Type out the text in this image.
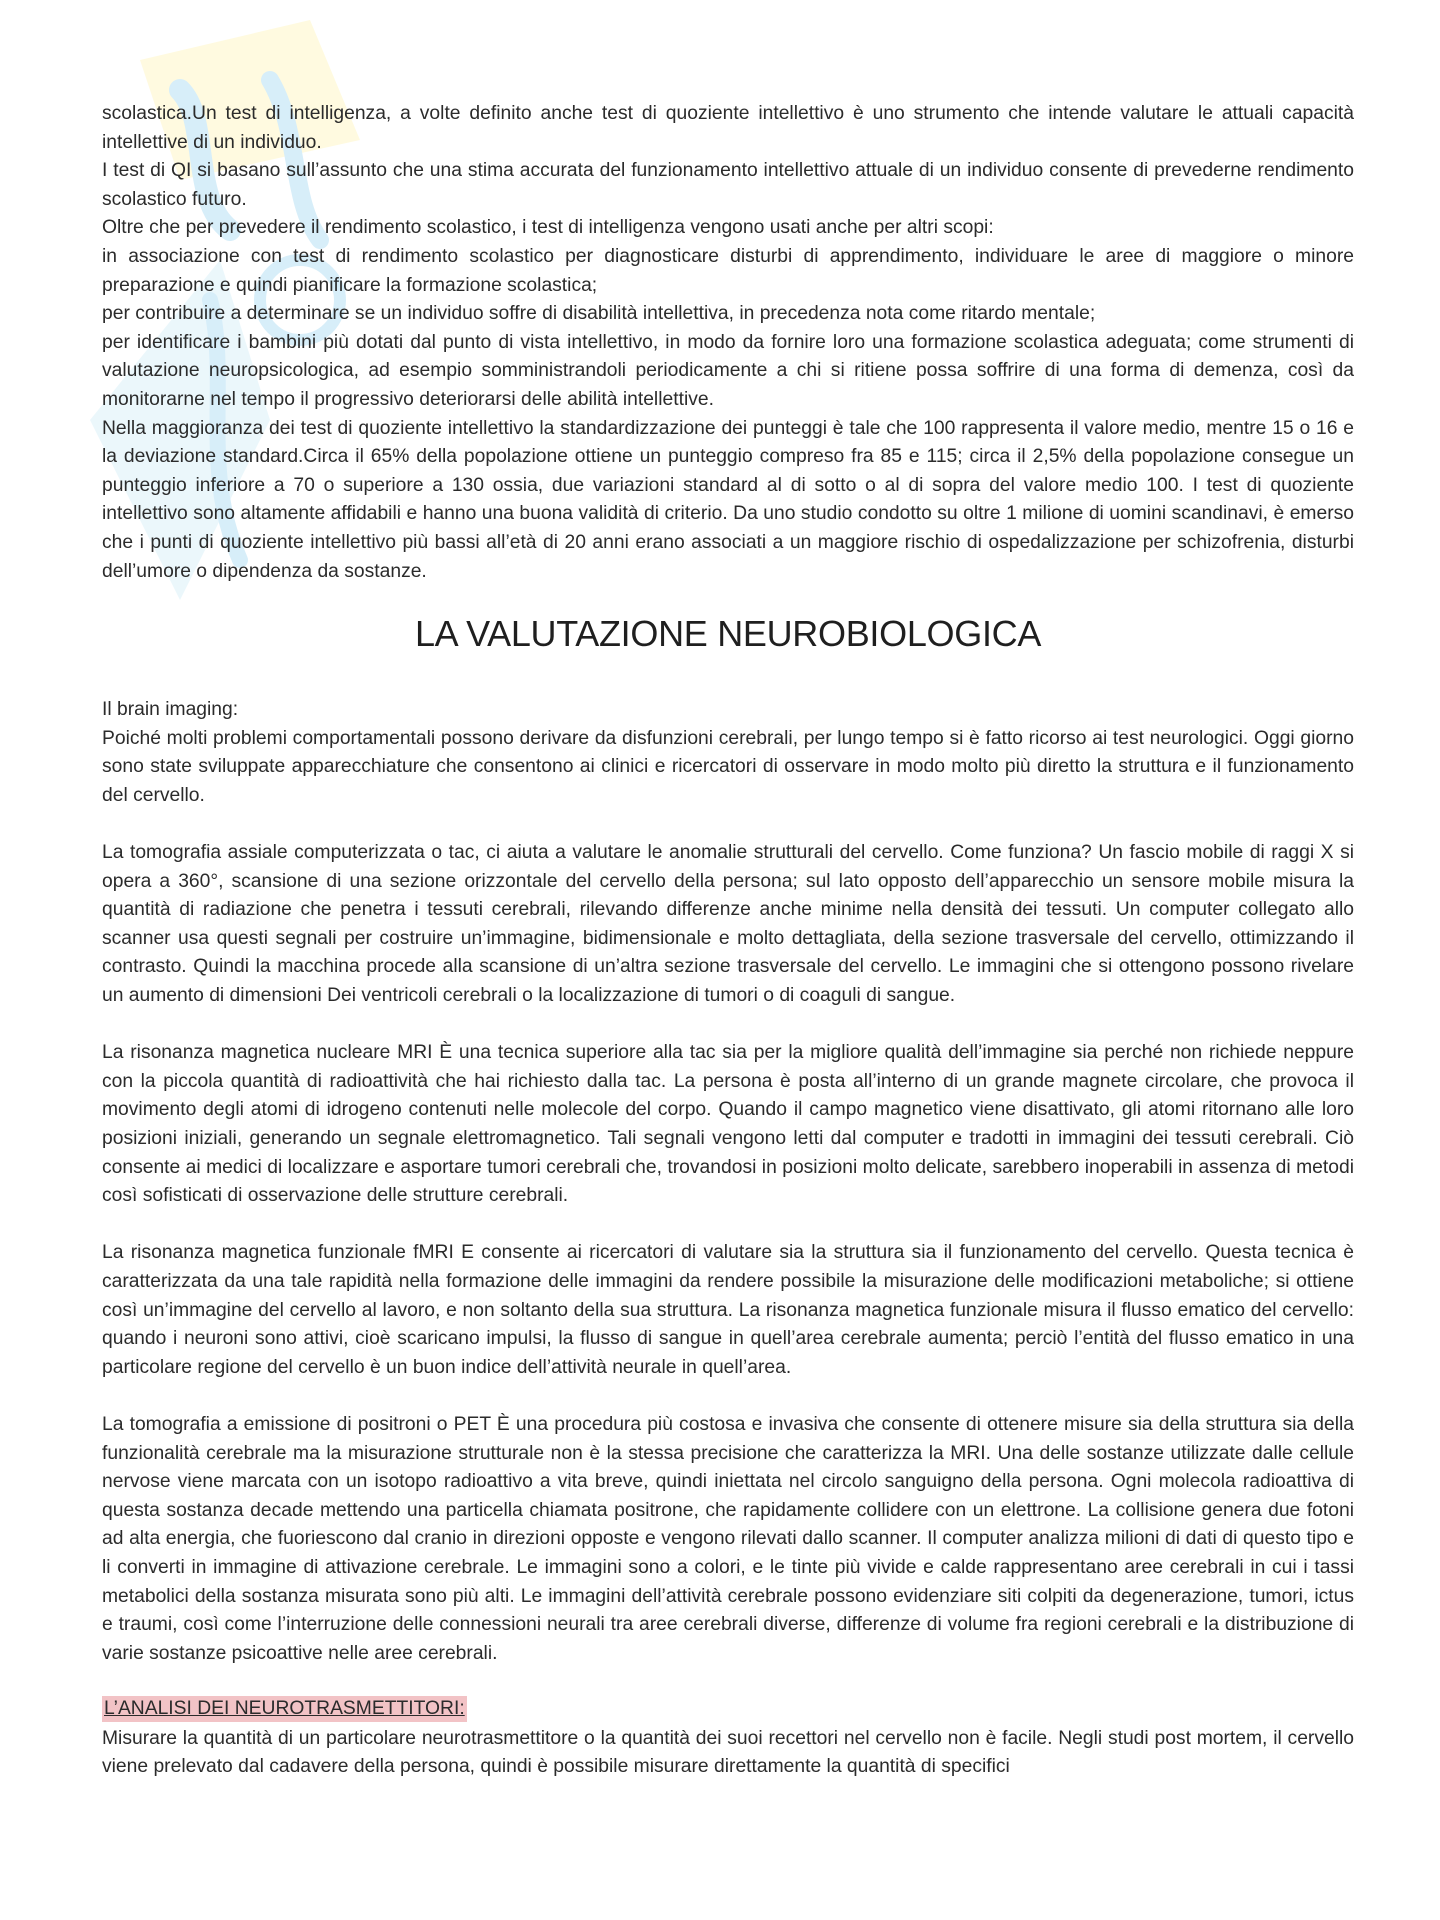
scolastica.Un test di intelligenza, a volte definito anche test di quoziente intellettivo è uno strumento che intende valutare le attuali capacità intellettive di un individuo.

I test di QI si basano sull’assunto che una stima accurata del funzionamento intellettivo attuale di un individuo consente di prevederne rendimento scolastico futuro.

Oltre che per prevedere il rendimento scolastico, i test di intelligenza vengono usati anche per altri scopi:

in associazione con test di rendimento scolastico per diagnosticare disturbi di apprendimento, individuare le aree di maggiore o minore preparazione e quindi pianificare la formazione scolastica;

per contribuire a determinare se un individuo soffre di disabilità intellettiva, in precedenza nota come ritardo mentale;

per identificare i bambini più dotati dal punto di vista intellettivo, in modo da fornire loro una formazione scolastica adeguata; come strumenti di valutazione neuropsicologica, ad esempio somministrandoli periodicamente a chi si ritiene possa soffrire di una forma di demenza, così da monitorarne nel tempo il progressivo deteriorarsi delle abilità intellettive.

Nella maggioranza dei test di quoziente intellettivo la standardizzazione dei punteggi è tale che 100 rappresenta il valore medio, mentre 15 o 16 e la deviazione standard.Circa il 65% della popolazione ottiene un punteggio compreso fra 85 e 115; circa il 2,5% della popolazione consegue un punteggio inferiore a 70 o superiore a 130 ossia, due variazioni standard al di sotto o al di sopra del valore medio 100. I test di quoziente intellettivo sono altamente affidabili e hanno una buona validità di criterio. Da uno studio condotto su oltre 1 milione di uomini scandinavi, è emerso che i punti di quoziente intellettivo più bassi all’età di 20 anni erano associati a un maggiore rischio di ospedalizzazione per schizofrenia, disturbi dell’umore o dipendenza da sostanze.

LA VALUTAZIONE NEUROBIOLOGICA

Il brain imaging:

Poiché molti problemi comportamentali possono derivare da disfunzioni cerebrali, per lungo tempo si è fatto ricorso ai test neurologici. Oggi giorno sono state sviluppate apparecchiature che consentono ai clinici e ricercatori di osservare in modo molto più diretto la struttura e il funzionamento del cervello.

La tomografia assiale computerizzata o tac, ci aiuta a valutare le anomalie strutturali del cervello. Come funziona? Un fascio mobile di raggi X si opera a 360°, scansione di una sezione orizzontale del cervello della persona; sul lato opposto dell’apparecchio un sensore mobile misura la quantità di radiazione che penetra i tessuti cerebrali, rilevando differenze anche minime nella densità dei tessuti. Un computer collegato allo scanner usa questi segnali per costruire un’immagine, bidimensionale e molto dettagliata, della sezione trasversale del cervello, ottimizzando il contrasto. Quindi la macchina procede alla scansione di un’altra sezione trasversale del cervello. Le immagini che si ottengono possono rivelare un aumento di dimensioni Dei ventricoli cerebrali o la localizzazione di tumori o di coaguli di sangue.

La risonanza magnetica nucleare MRI È una tecnica superiore alla tac sia per la migliore qualità dell’immagine sia perché non richiede neppure con la piccola quantità di radioattività che hai richiesto dalla tac. La persona è posta all’interno di un grande magnete circolare, che provoca il movimento degli atomi di idrogeno contenuti nelle molecole del corpo. Quando il campo magnetico viene disattivato, gli atomi ritornano alle loro posizioni iniziali, generando un segnale elettromagnetico. Tali segnali vengono letti dal computer e tradotti in immagini dei tessuti cerebrali. Ciò consente ai medici di localizzare e asportare tumori cerebrali che, trovandosi in posizioni molto delicate, sarebbero inoperabili in assenza di metodi così sofisticati di osservazione delle strutture cerebrali.

La risonanza magnetica funzionale fMRI E consente ai ricercatori di valutare sia la struttura sia il funzionamento del cervello. Questa tecnica è caratterizzata da una tale rapidità nella formazione delle immagini da rendere possibile la misurazione delle modificazioni metaboliche; si ottiene così un’immagine del cervello al lavoro, e non soltanto della sua struttura. La risonanza magnetica funzionale misura il flusso ematico del cervello: quando i neuroni sono attivi, cioè scaricano impulsi, la flusso di sangue in quell’area cerebrale aumenta; perciò l’entità del flusso ematico in una particolare regione del cervello è un buon indice dell’attività neurale in quell’area.

La tomografia a emissione di positroni o PET È una procedura più costosa e invasiva che consente di ottenere misure sia della struttura sia della funzionalità cerebrale ma la misurazione strutturale non è la stessa precisione che caratterizza la MRI. Una delle sostanze utilizzate dalle cellule nervose viene marcata con un isotopo radioattivo a vita breve, quindi iniettata nel circolo sanguigno della persona. Ogni molecola radioattiva di questa sostanza decade mettendo una particella chiamata positrone, che rapidamente collidere con un elettrone. La collisione genera due fotoni ad alta energia, che fuoriescono dal cranio in direzioni opposte e vengono rilevati dallo scanner. Il computer analizza milioni di dati di questo tipo e li converti in immagine di attivazione cerebrale. Le immagini sono a colori, e le tinte più vivide e calde rappresentano aree cerebrali in cui i tassi metabolici della sostanza misurata sono più alti. Le immagini dell’attività cerebrale possono evidenziare siti colpiti da degenerazione, tumori, ictus e traumi, così come l’interruzione delle connessioni neurali tra aree cerebrali diverse, differenze di volume fra regioni cerebrali e la distribuzione di varie sostanze psicoattive nelle aree cerebrali.

L’ANALISI DEI NEUROTRASMETTITORI:

Misurare la quantità di un particolare neurotrasmettitore o la quantità dei suoi recettori nel cervello non è facile. Negli studi post mortem, il cervello viene prelevato dal cadavere della persona, quindi è possibile misurare direttamente la quantità di specifici
